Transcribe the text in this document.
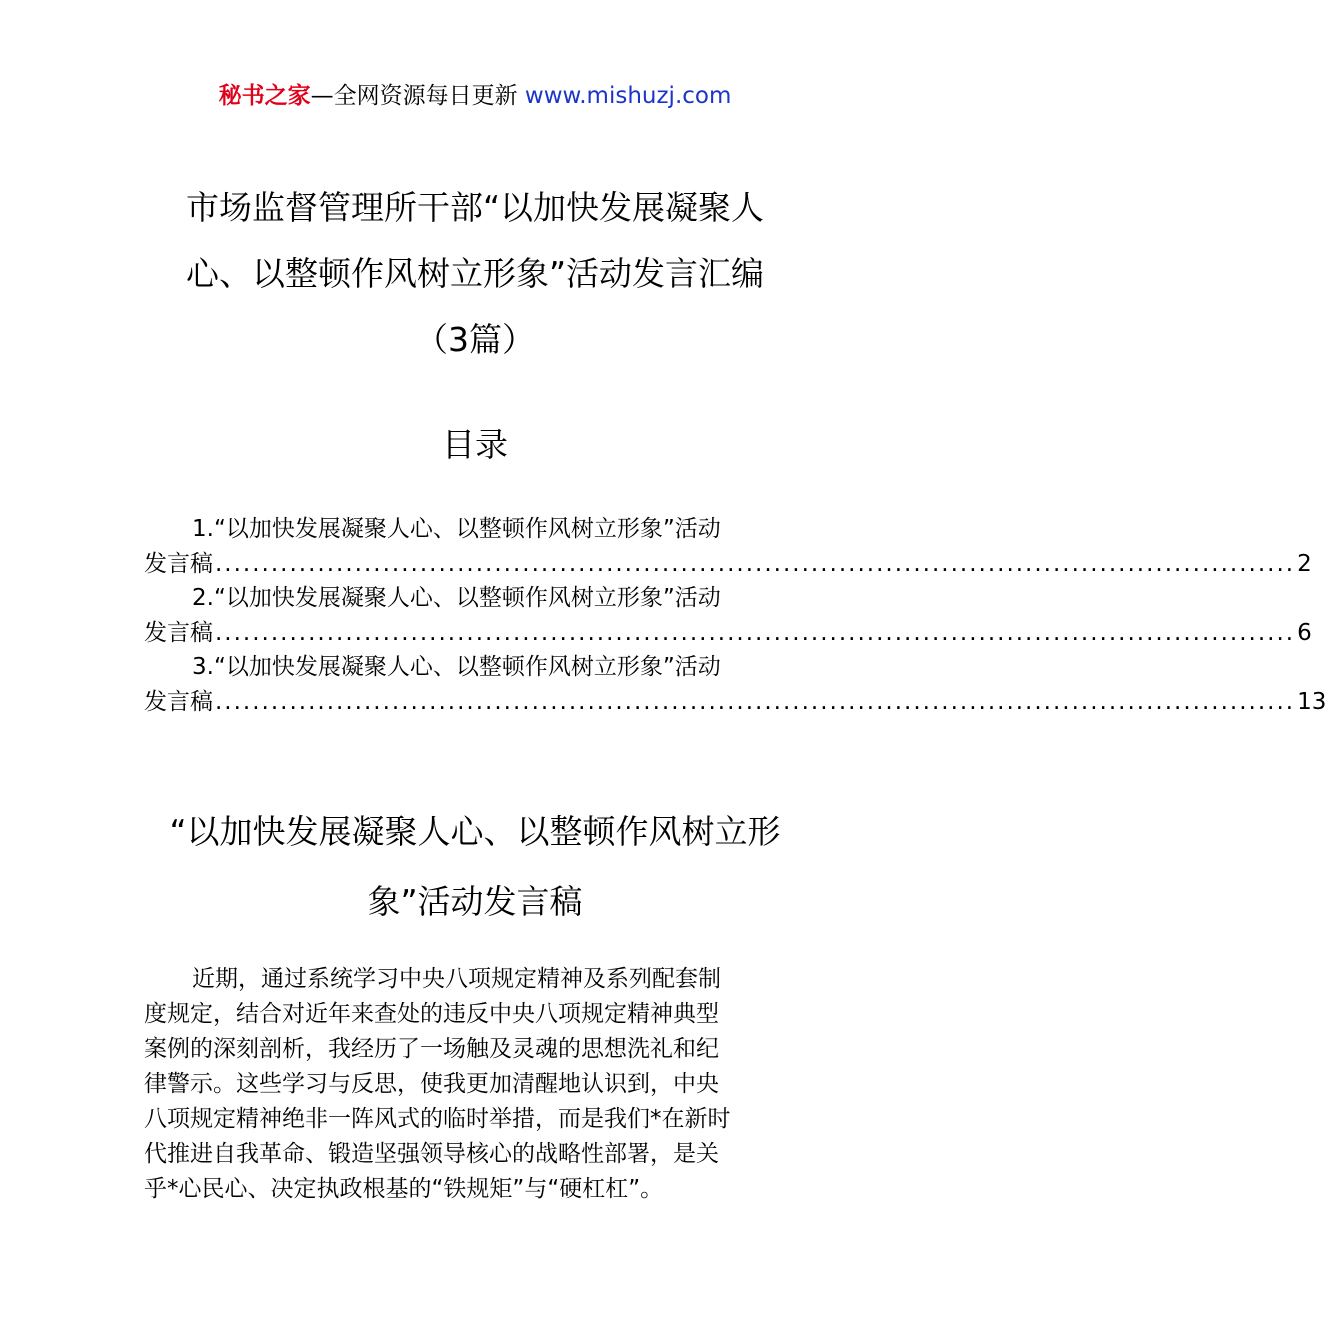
秘书之家—全网资源每日更新 www.mishuzj.com
市场监督管理所干部“以加快发展凝聚人
心、以整顿作风树立形象”活动发言汇编
（3篇）
目录
1.“以加快发展凝聚人心、以整顿作风树立形象”活动
发言稿 .................................................................................................................... 2
2.“以加快发展凝聚人心、以整顿作风树立形象”活动
发言稿 .................................................................................................................... 6
3.“以加快发展凝聚人心、以整顿作风树立形象”活动
发言稿 .................................................................................................................... 13
“以加快发展凝聚人心、以整顿作风树立形
象”活动发言稿
近期，通过系统学习中央八项规定精神及系列配套制
度规定，结合对近年来查处的违反中央八项规定精神典型
案例的深刻剖析，我经历了一场触及灵魂的思想洗礼和纪
律警示。这些学习与反思，使我更加清醒地认识到，中央
八项规定精神绝非一阵风式的临时举措，而是我们*在新时
代推进自我革命、锻造坚强领导核心的战略性部署，是关
乎*心民心、决定执政根基的“铁规矩”与“硬杠杠”。
